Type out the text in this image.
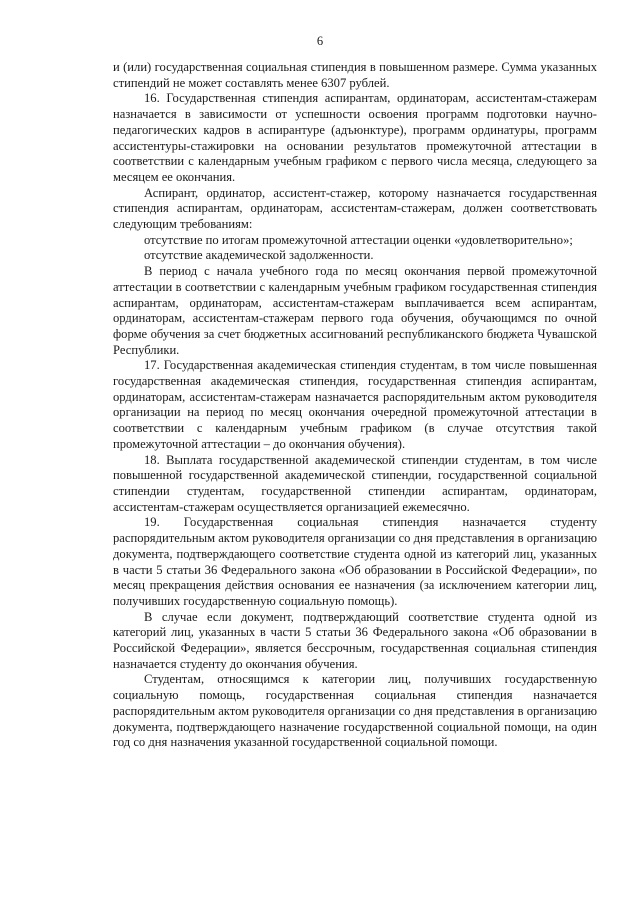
6

и (или) государственная социальная стипендия в повышенном размере. Сумма указанных стипендий не может составлять менее 6307 рублей.

16. Государственная стипендия аспирантам, ординаторам, ассистентам-стажерам назначается в зависимости от успешности освоения программ подготовки научно-педагогических кадров в аспирантуре (адъюнктуре), программ ординатуры, программ ассистентуры-стажировки на основании результатов промежуточной аттестации в соответствии с календарным учебным графиком с первого числа месяца, следующего за месяцем ее окончания.

Аспирант, ординатор, ассистент-стажер, которому назначается государственная стипендия аспирантам, ординаторам, ассистентам-стажерам, должен соответствовать следующим требованиям:

отсутствие по итогам промежуточной аттестации оценки «удовлетворительно»;

отсутствие академической задолженности.

В период с начала учебного года по месяц окончания первой промежуточной аттестации в соответствии с календарным учебным графиком государственная стипендия аспирантам, ординаторам, ассистентам-стажерам выплачивается всем аспирантам, ординаторам, ассистентам-стажерам первого года обучения, обучающимся по очной форме обучения за счет бюджетных ассигнований республиканского бюджета Чувашской Республики.

17. Государственная академическая стипендия студентам, в том числе повышенная государственная академическая стипендия, государственная стипендия аспирантам, ординаторам, ассистентам-стажерам назначается распорядительным актом руководителя организации на период по месяц окончания очередной промежуточной аттестации в соответствии с календарным учебным графиком (в случае отсутствия такой промежуточной аттестации – до окончания обучения).

18. Выплата государственной академической стипендии студентам, в том числе повышенной государственной академической стипендии, государственной социальной стипендии студентам, государственной стипендии аспирантам, ординаторам, ассистентам-стажерам осуществляется организацией ежемесячно.

19. Государственная социальная стипендия назначается студенту распорядительным актом руководителя организации со дня представления в организацию документа, подтверждающего соответствие студента одной из категорий лиц, указанных в части 5 статьи 36 Федерального закона «Об образовании в Российской Федерации», по месяц прекращения действия основания ее назначения (за исключением категории лиц, получивших государственную социальную помощь).

В случае если документ, подтверждающий соответствие студента одной из категорий лиц, указанных в части 5 статьи 36 Федерального закона «Об образовании в Российской Федерации», является бессрочным, государственная социальная стипендия назначается студенту до окончания обучения.

Студентам, относящимся к категории лиц, получивших государственную социальную помощь, государственная социальная стипендия назначается распорядительным актом руководителя организации со дня представления в организацию документа, подтверждающего назначение государственной социальной помощи, на один год со дня назначения указанной государственной социальной помощи.
